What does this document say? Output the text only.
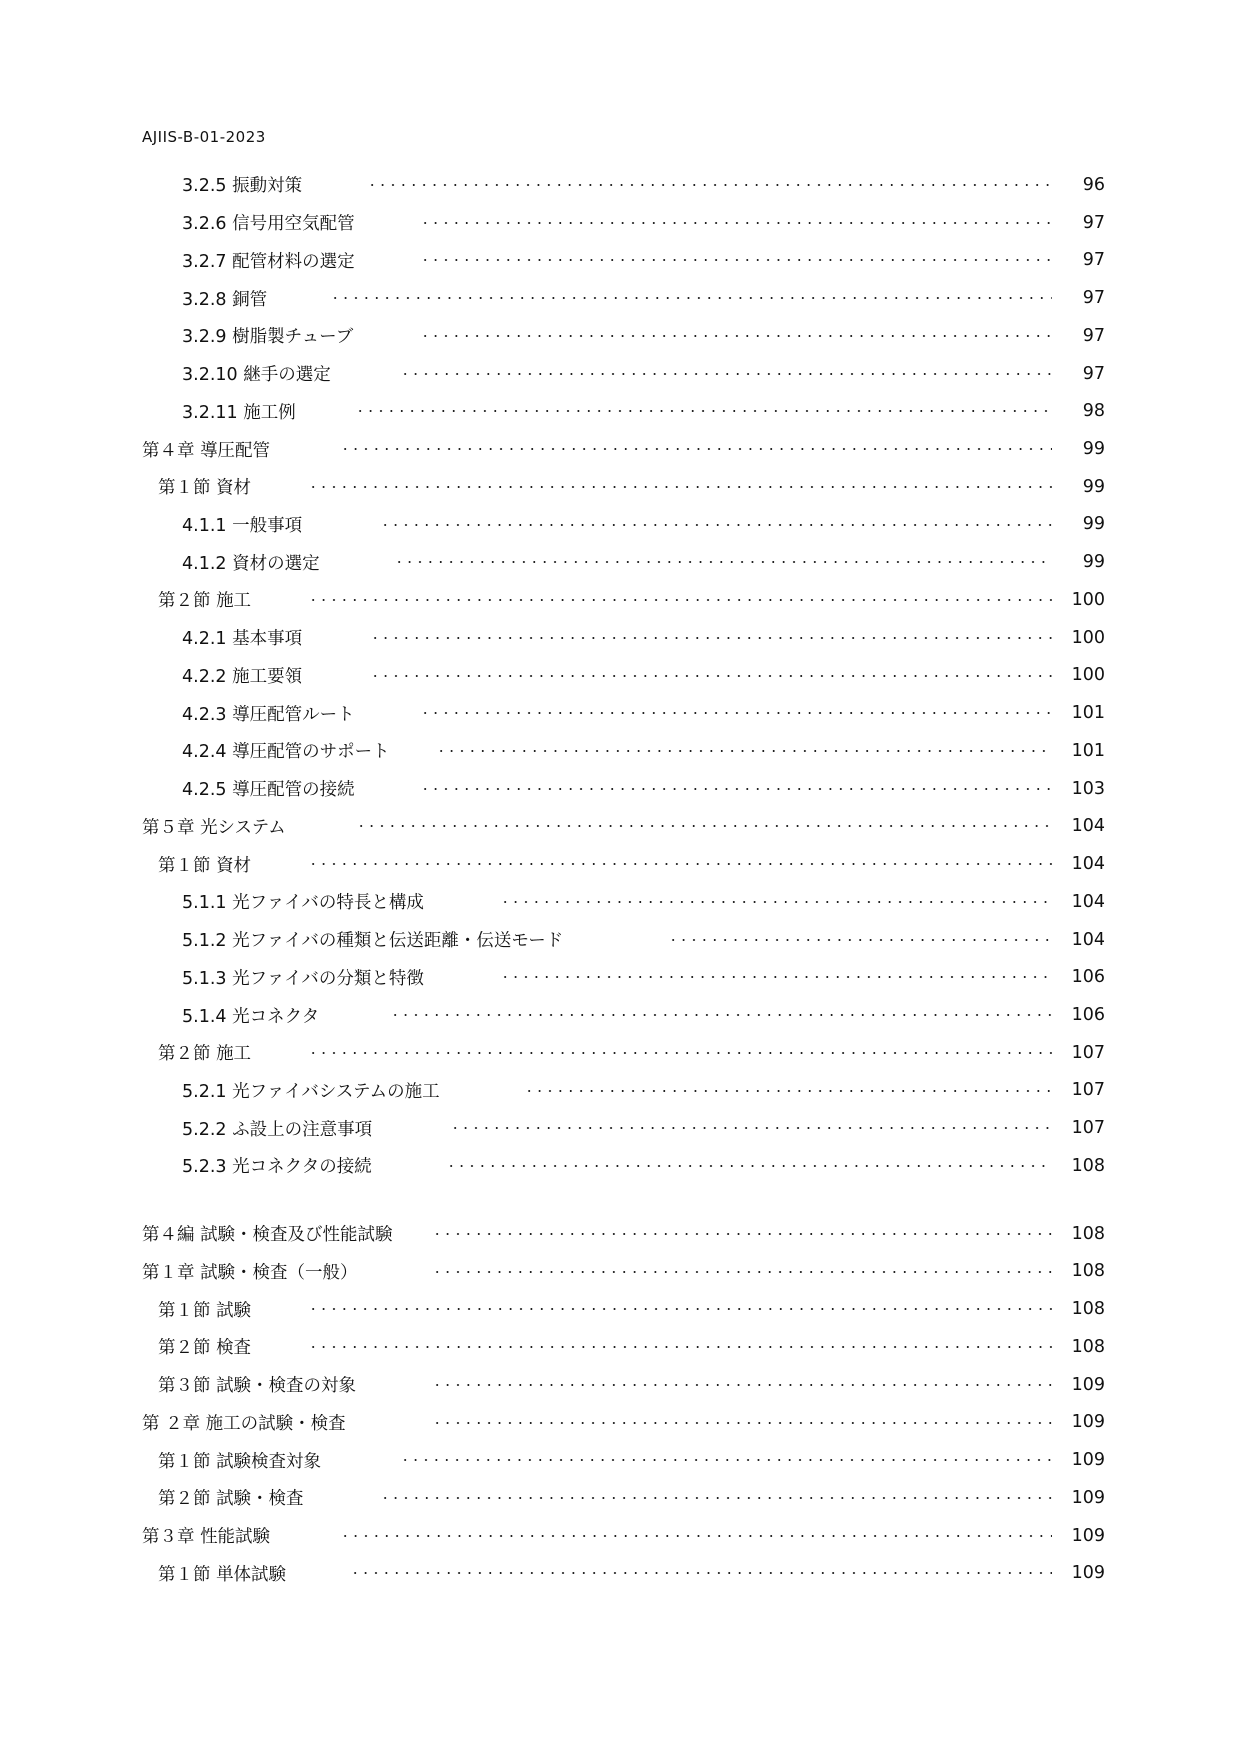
AJIIS-B-01-2023
3.2.5 振動対策	96
3.2.6 信号用空気配管	97
3.2.7 配管材料の選定	97
3.2.8 銅管	97
3.2.9 樹脂製チューブ	97
3.2.10 継手の選定	97
3.2.11 施工例	98
第４章 導圧配管	99
第１節 資材	99
4.1.1 一般事項	99
4.1.2 資材の選定	99
第２節 施工	100
4.2.1 基本事項	100
4.2.2 施工要領	100
4.2.3 導圧配管ルート	101
4.2.4 導圧配管のサポート	101
4.2.5 導圧配管の接続	103
第５章 光システム	104
第１節 資材	104
5.1.1 光ファイバの特長と構成	104
5.1.2 光ファイバの種類と伝送距離・伝送モード	104
5.1.3 光ファイバの分類と特徴	106
5.1.4 光コネクタ	106
第２節 施工	107
5.2.1 光ファイバシステムの施工	107
5.2.2 ふ設上の注意事項	107
5.2.3 光コネクタの接続	108
第４編 試験・検査及び性能試験	108
第１章 試験・検査（一般）	108
第１節 試験	108
第２節 検査	108
第３節 試験・検査の対象	109
第 ２章 施工の試験・検査	109
第１節 試験検査対象	109
第２節 試験・検査	109
第３章 性能試験	109
第１節 単体試験	109
